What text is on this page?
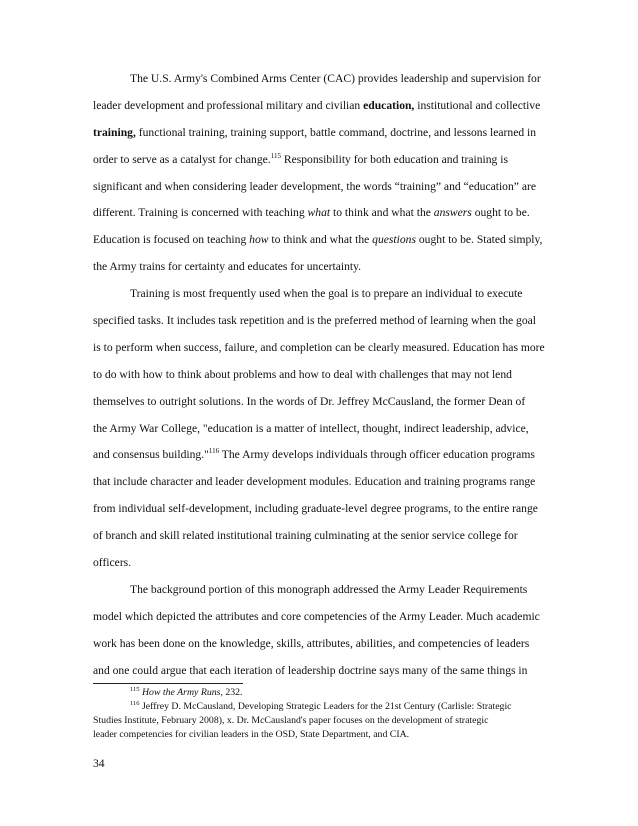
The U.S. Army's Combined Arms Center (CAC) provides leadership and supervision for
leader development and professional military and civilian education, institutional and collective
training, functional training, training support, battle command, doctrine, and lessons learned in
order to serve as a catalyst for change.$^{115}$ Responsibility for both education and training is
significant and when considering leader development, the words “training” and “education” are
different. Training is concerned with teaching what to think and what the answers ought to be.
Education is focused on teaching how to think and what the questions ought to be. Stated simply,
the Army trains for certainty and educates for uncertainty.
Training is most frequently used when the goal is to prepare an individual to execute
specified tasks. It includes task repetition and is the preferred method of learning when the goal
is to perform when success, failure, and completion can be clearly measured. Education has more
to do with how to think about problems and how to deal with challenges that may not lend
themselves to outright solutions. In the words of Dr. Jeffrey McCausland, the former Dean of
the Army War College, "education is a matter of intellect, thought, indirect leadership, advice,
and consensus building."$^{116}$ The Army develops individuals through officer education programs
that include character and leader development modules. Education and training programs range
from individual self-development, including graduate-level degree programs, to the entire range
of branch and skill related institutional training culminating at the senior service college for
officers.
The background portion of this monograph addressed the Army Leader Requirements
model which depicted the attributes and core competencies of the Army Leader. Much academic
work has been done on the knowledge, skills, attributes, abilities, and competencies of leaders
and one could argue that each iteration of leadership doctrine says many of the same things in
$^{115}$ How the Army Runs, 232.
$^{116}$ Jeffrey D. McCausland, Developing Strategic Leaders for the 21st Century (Carlisle: Strategic
Studies Institute, February 2008), x. Dr. McCausland's paper focuses on the development of strategic
leader competencies for civilian leaders in the OSD, State Department, and CIA.
34
